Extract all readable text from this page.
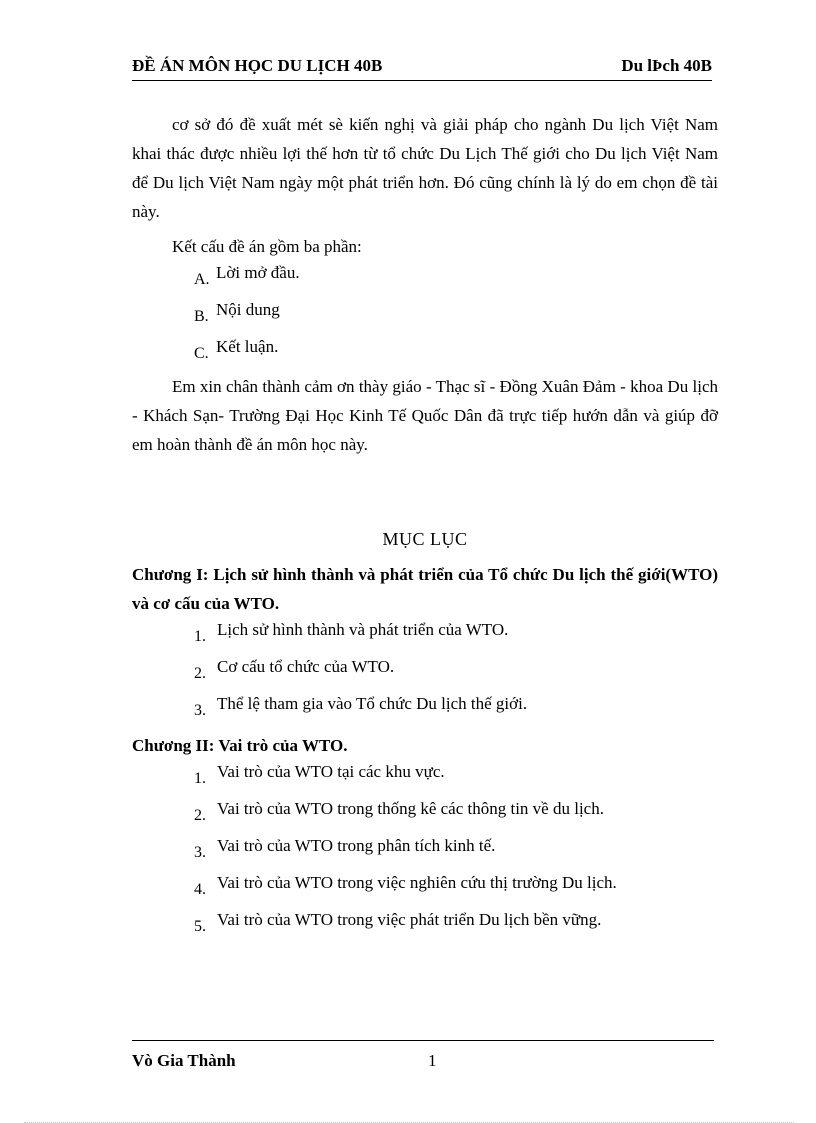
ĐỀ ÁN MÔN HỌC DU LỊCH 40B	Du lÞch 40B

cơ sở đó đề xuất mét sè kiến nghị và giải pháp cho ngành Du lịch Việt Nam khai thác được nhiều lợi thế hơn từ tổ chức Du Lịch Thế giới cho Du lịch Việt Nam để Du lịch Việt Nam ngày một phát triển hơn. Đó cũng chính là lý do em chọn đề tài này.

Kết cấu đề án gồm ba phần:

A. Lời mở đầu.
B. Nội dung
C. Kết luận.

Em xin chân thành cảm ơn thày giáo - Thạc sĩ - Đồng Xuân Đảm - khoa Du lịch - Khách Sạn- Trường Đại Học Kinh Tế Quốc Dân đã trực tiếp hướn dẫn và giúp đỡ em hoàn thành đề án môn học này.

MỤC LỤC

Chương I: Lịch sử hình thành và phát triển của Tổ chức Du lịch thế giới(WTO) và cơ cấu của WTO.

1. Lịch sử hình thành và phát triển của WTO.
2. Cơ cấu tổ chức của WTO.
3. Thể lệ tham gia vào Tổ chức Du lịch thế giới.

Chương II: Vai trò của WTO.

1. Vai trò của WTO tại các khu vực.
2. Vai trò của WTO trong thống kê các thông tin về du lịch.
3. Vai trò của WTO trong phân tích kinh tế.
4. Vai trò của WTO trong việc nghiên cứu thị trường Du lịch.
5. Vai trò của WTO trong việc phát triển Du lịch bền vững.
Vò Gia Thành	1
